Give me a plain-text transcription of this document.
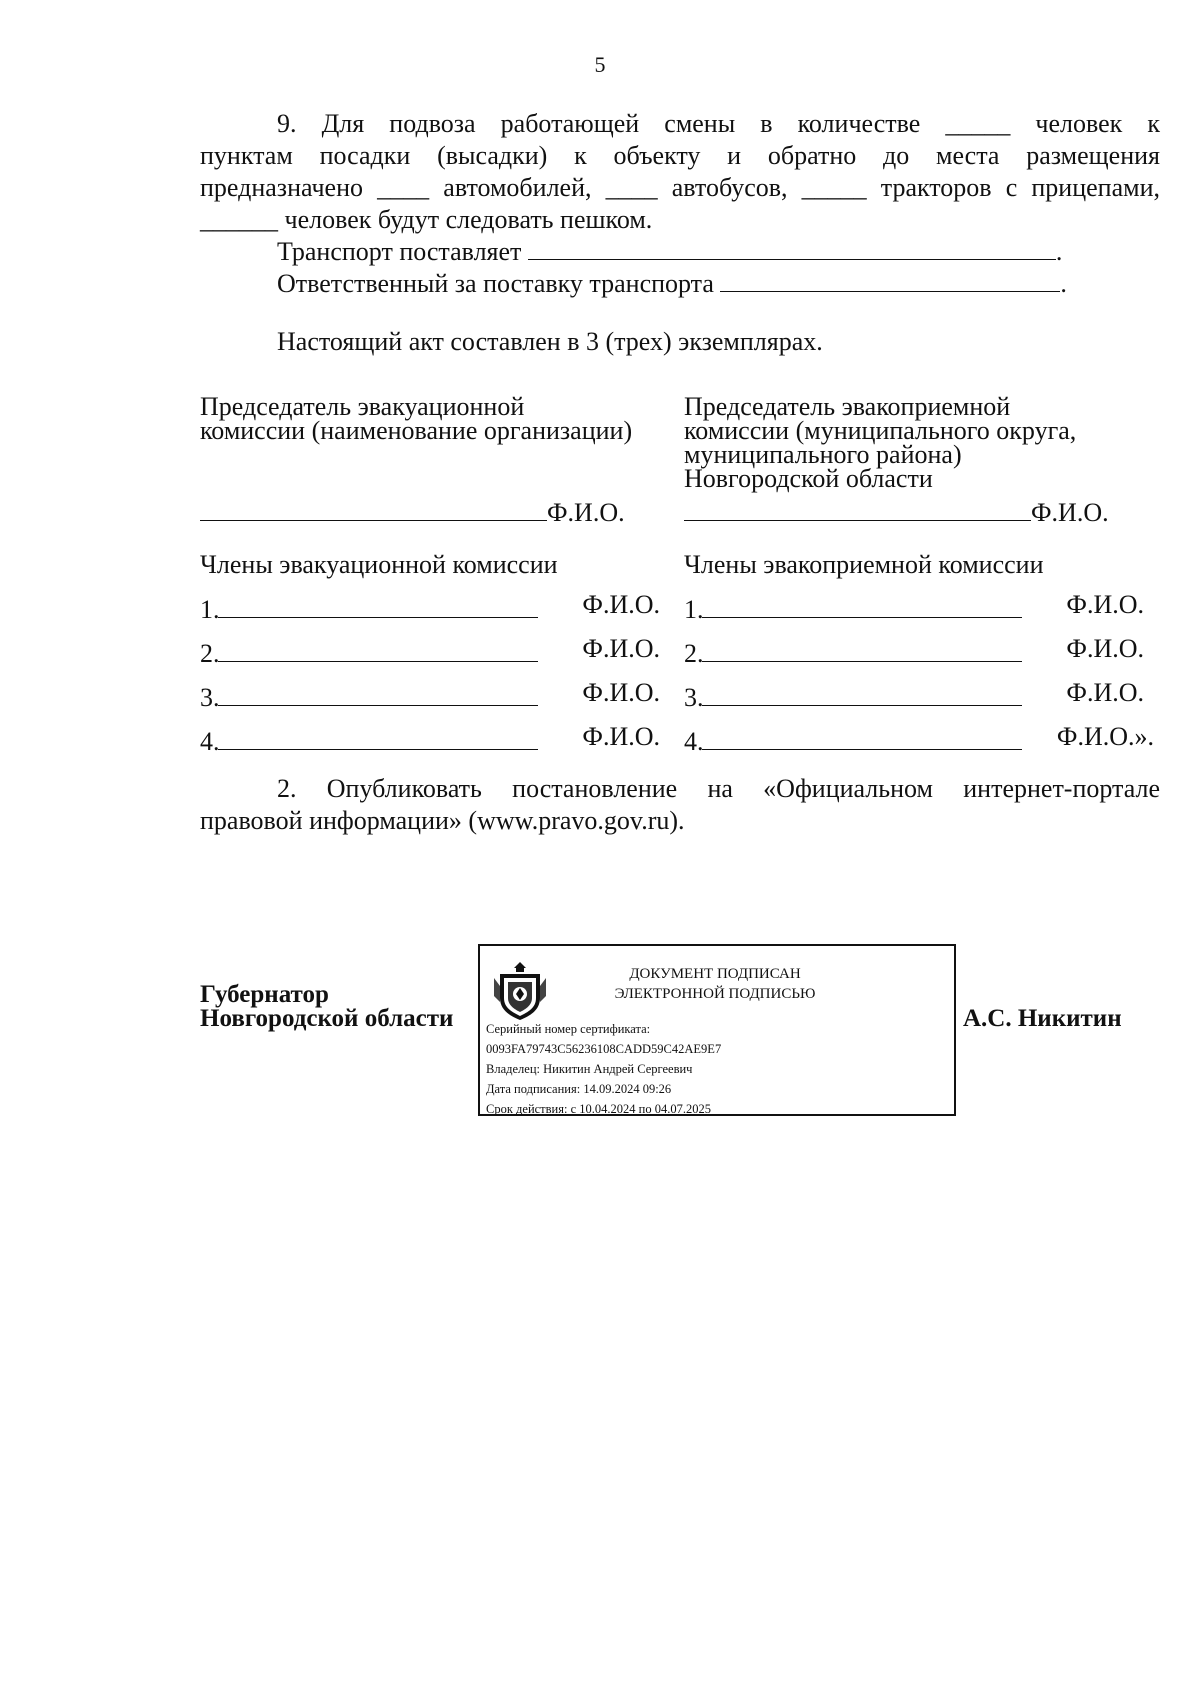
5
9. Для подвоза работающей смены в количестве _____ человек к
пунктам посадки (высадки) к объекту и обратно до места размещения
предназначено ____ автомобилей, ____ автобусов, _____ тракторов с прицепами,
______ человек будут следовать пешком.
Транспорт поставляет	.
Ответственный за поставку транспорта	.
Настоящий акт составлен в 3 (трех) экземплярах.
Председатель эвакуационной
комиссии (наименование организации)
Ф.И.О.
Члены эвакуационной комиссии
1.	Ф.И.О.
2.	Ф.И.О.
3.	Ф.И.О.
4.	Ф.И.О.
Председатель эвакоприемной
комиссии (муниципального округа,
муниципального района)
Новгородской области
Ф.И.О.
Члены эвакоприемной комиссии
1.	Ф.И.О.
2.	Ф.И.О.
3.	Ф.И.О.
4.	Ф.И.О.».
2. Опубликовать постановление на «Официальном интернет-портале
правовой информации» (www.pravo.gov.ru).
Губернатор
Новгородской области	А.С. Никитин
ДОКУМЕНТ ПОДПИСАН
ЭЛЕКТРОННОЙ ПОДПИСЬЮ
Серийный номер сертификата:
0093FA79743C56236108CADD59C42AE9E7
Владелец: Никитин Андрей Сергеевич
Дата подписания: 14.09.2024 09:26
Срок действия: с 10.04.2024 по 04.07.2025
